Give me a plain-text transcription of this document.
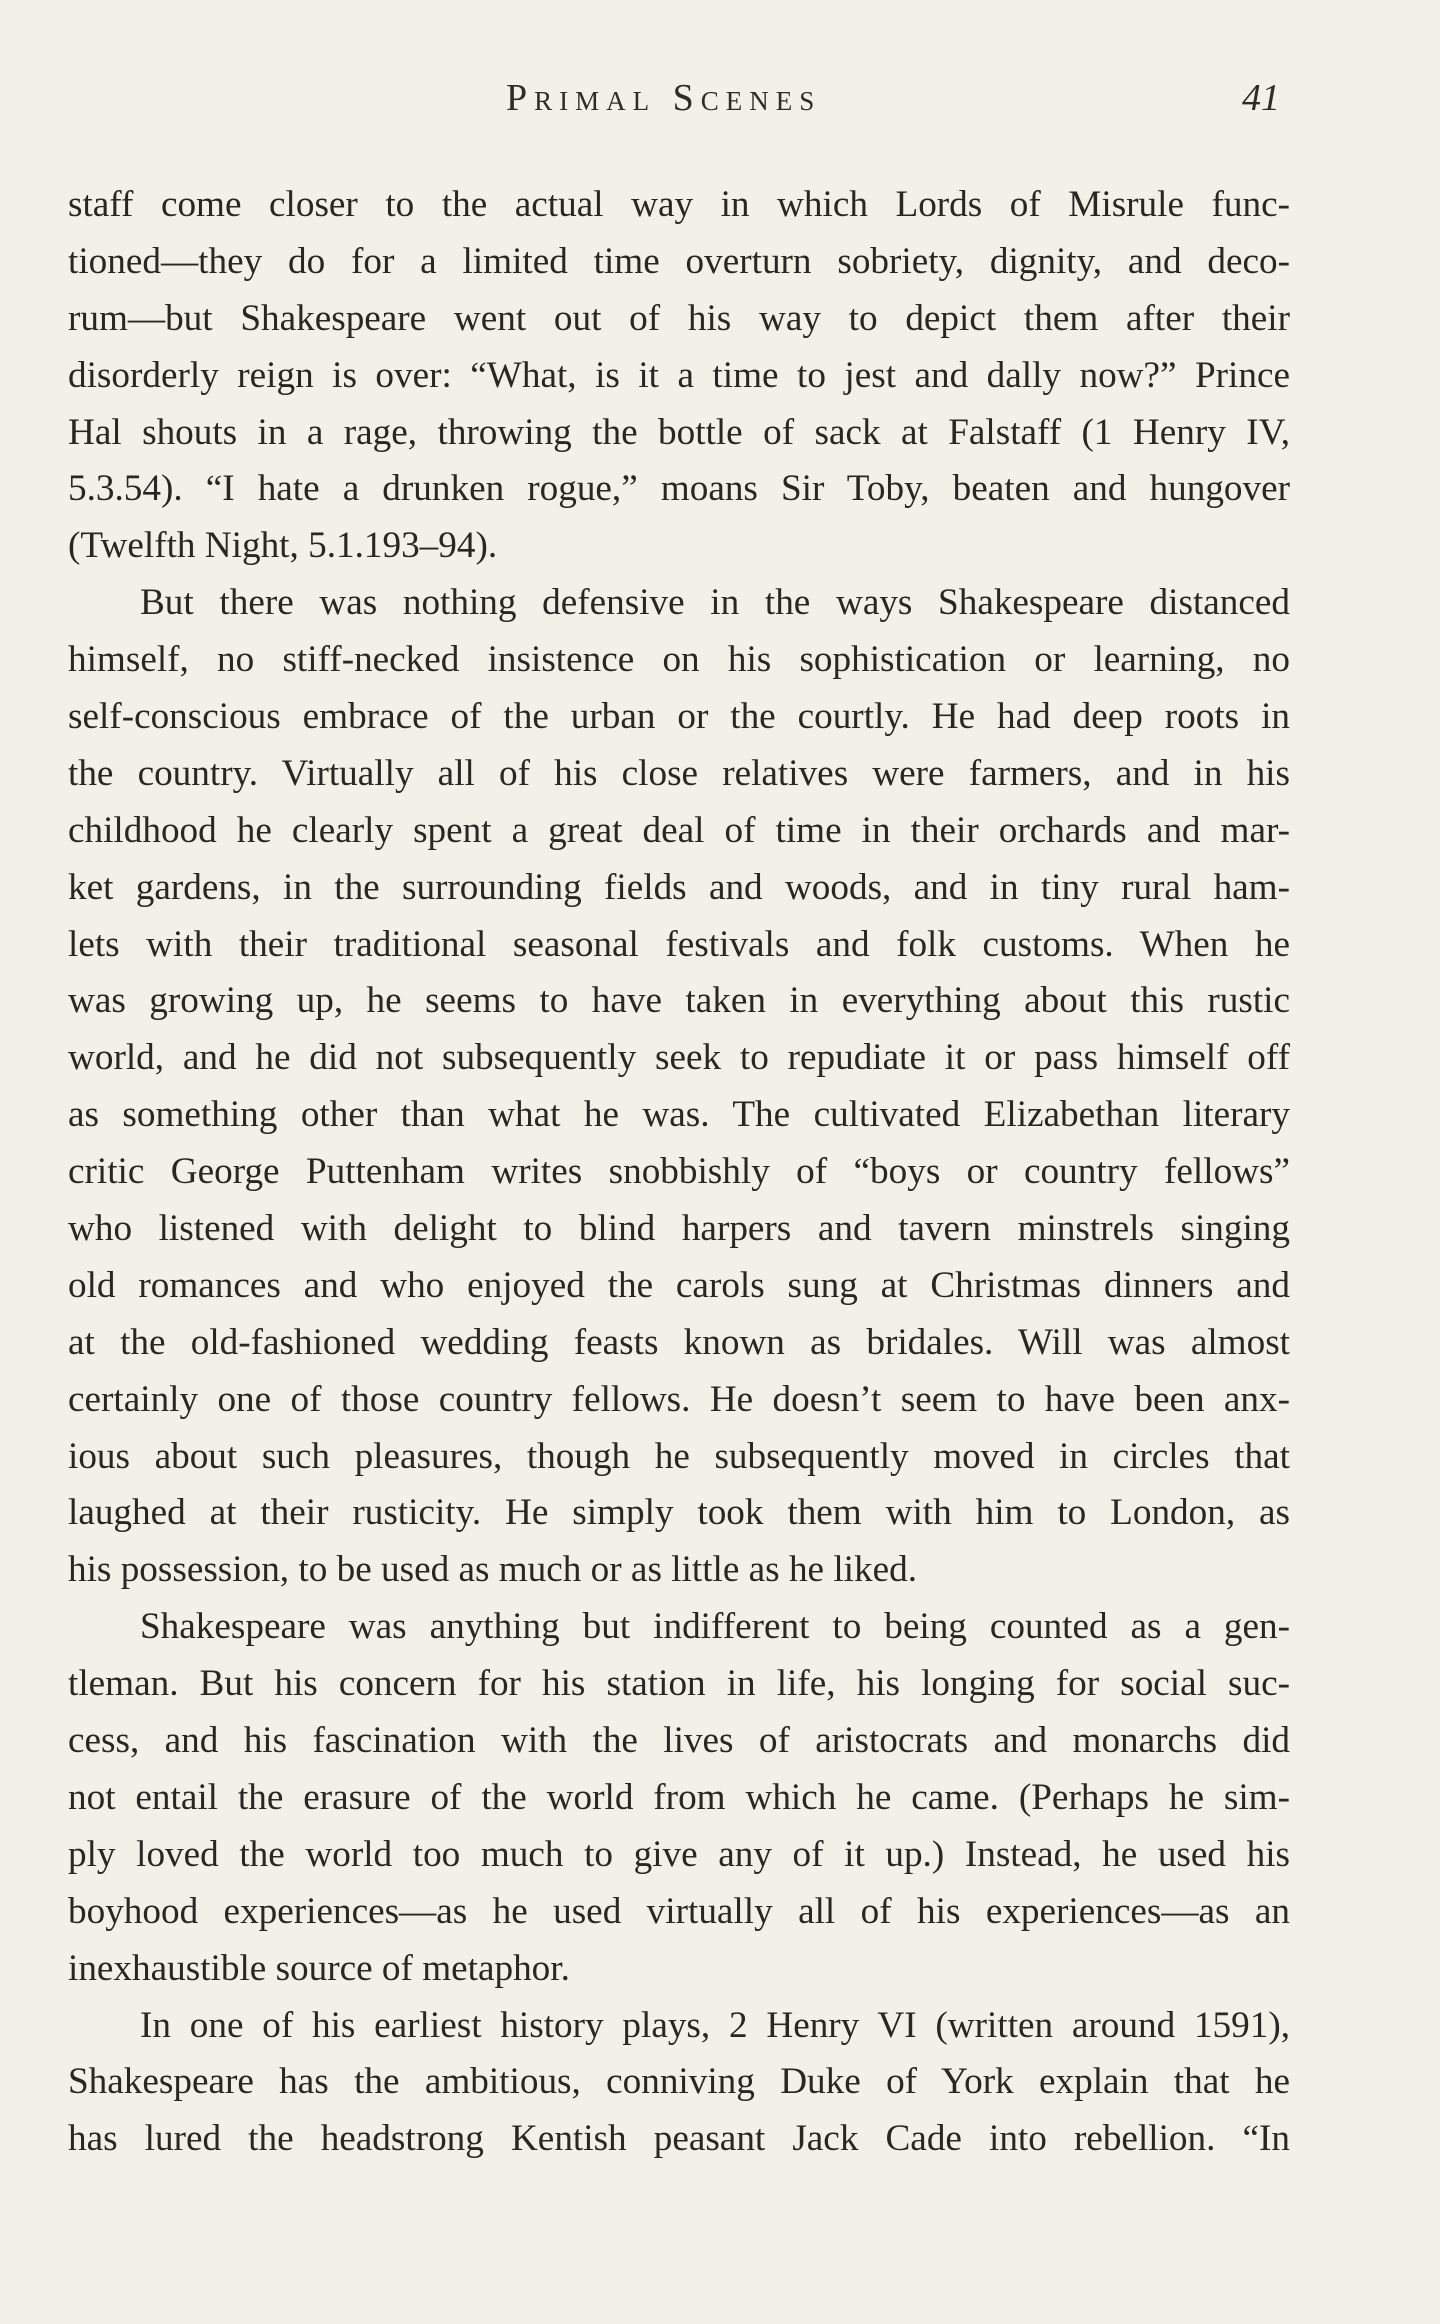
Primal Scenes	41
staff come closer to the actual way in which Lords of Misrule func-
tioned—they do for a limited time overturn sobriety, dignity, and deco-
rum—but Shakespeare went out of his way to depict them after their
disorderly reign is over: “What, is it a time to jest and dally now?” Prince
Hal shouts in a rage, throwing the bottle of sack at Falstaff (1 Henry IV,
5.3.54). “I hate a drunken rogue,” moans Sir Toby, beaten and hungover
(Twelfth Night, 5.1.193–94).
But there was nothing defensive in the ways Shakespeare distanced
himself, no stiff-necked insistence on his sophistication or learning, no
self-conscious embrace of the urban or the courtly. He had deep roots in
the country. Virtually all of his close relatives were farmers, and in his
childhood he clearly spent a great deal of time in their orchards and mar-
ket gardens, in the surrounding fields and woods, and in tiny rural ham-
lets with their traditional seasonal festivals and folk customs. When he
was growing up, he seems to have taken in everything about this rustic
world, and he did not subsequently seek to repudiate it or pass himself off
as something other than what he was. The cultivated Elizabethan literary
critic George Puttenham writes snobbishly of “boys or country fellows”
who listened with delight to blind harpers and tavern minstrels singing
old romances and who enjoyed the carols sung at Christmas dinners and
at the old-fashioned wedding feasts known as bridales. Will was almost
certainly one of those country fellows. He doesn’t seem to have been anx-
ious about such pleasures, though he subsequently moved in circles that
laughed at their rusticity. He simply took them with him to London, as
his possession, to be used as much or as little as he liked.
Shakespeare was anything but indifferent to being counted as a gen-
tleman. But his concern for his station in life, his longing for social suc-
cess, and his fascination with the lives of aristocrats and monarchs did
not entail the erasure of the world from which he came. (Perhaps he sim-
ply loved the world too much to give any of it up.) Instead, he used his
boyhood experiences—as he used virtually all of his experiences—as an
inexhaustible source of metaphor.
In one of his earliest history plays, 2 Henry VI (written around 1591),
Shakespeare has the ambitious, conniving Duke of York explain that he
has lured the headstrong Kentish peasant Jack Cade into rebellion. “In
